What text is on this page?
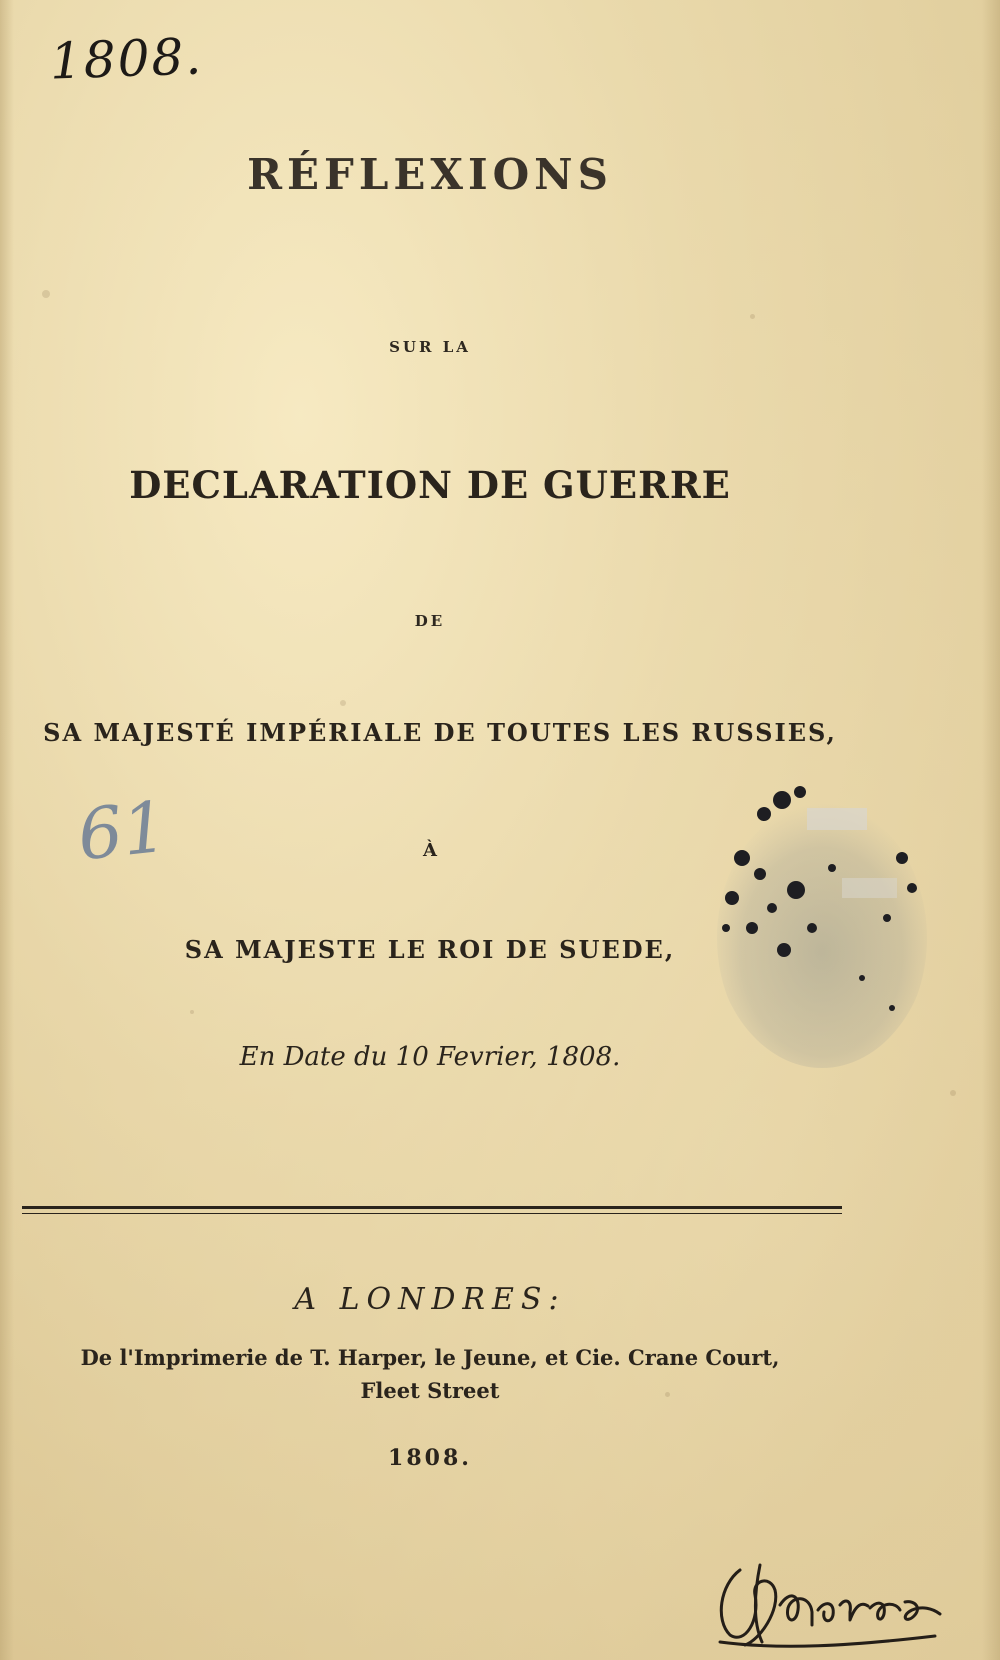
1808.
RÉFLEXIONS
SUR LA
DECLARATION DE GUERRE
DE
SA MAJESTÉ IMPÉRIALE DE TOUTES LES RUSSIES,
61	À
SA MAJESTE LE ROI DE SUEDE,
En Date du 10 Fevrier, 1808.
A LONDRES:
De l'Imprimerie de T. Harper, le Jeune, et Cie. Crane Court,
Fleet Street
1808.
